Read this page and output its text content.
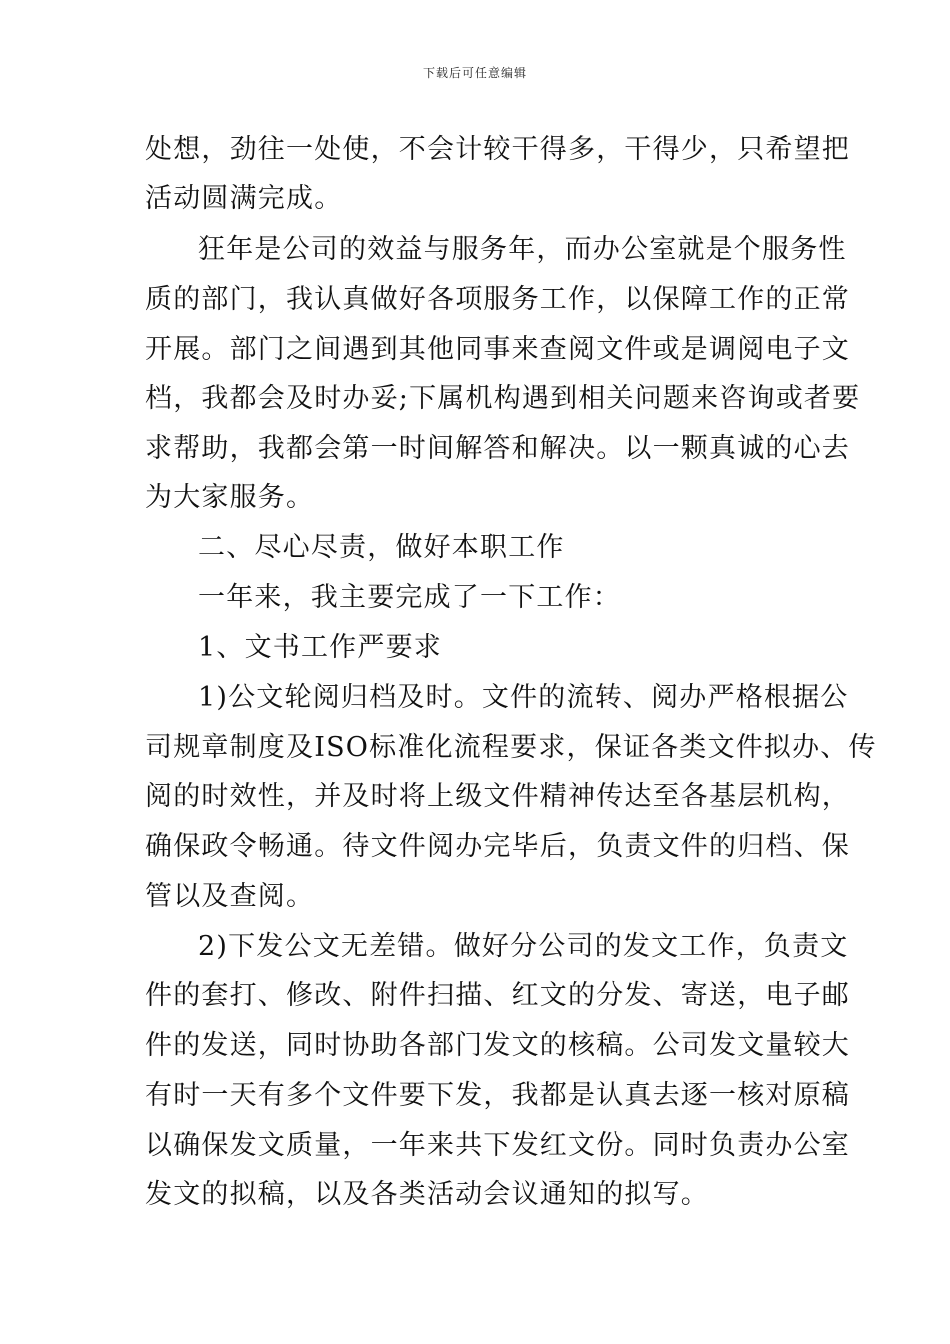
下载后可任意编辑
处想，劲往一处使，不会计较干得多，干得少，只希望把
活动圆满完成。
狂年是公司的效益与服务年，而办公室就是个服务性
质的部门，我认真做好各项服务工作，以保障工作的正常
开展。部门之间遇到其他同事来查阅文件或是调阅电子文
档，我都会及时办妥;下属机构遇到相关问题来咨询或者要
求帮助，我都会第一时间解答和解决。以一颗真诚的心去
为大家服务。
二、尽心尽责，做好本职工作
一年来，我主要完成了一下工作：
1、文书工作严要求
1)公文轮阅归档及时。文件的流转、阅办严格根据公
司规章制度及ISO标准化流程要求，保证各类文件拟办、传
阅的时效性，并及时将上级文件精神传达至各基层机构，
确保政令畅通。待文件阅办完毕后，负责文件的归档、保
管以及查阅。
2)下发公文无差错。做好分公司的发文工作，负责文
件的套打、修改、附件扫描、红文的分发、寄送，电子邮
件的发送，同时协助各部门发文的核稿。公司发文量较大
有时一天有多个文件要下发，我都是认真去逐一核对原稿
以确保发文质量，一年来共下发红文份。同时负责办公室
发文的拟稿，以及各类活动会议通知的拟写。
